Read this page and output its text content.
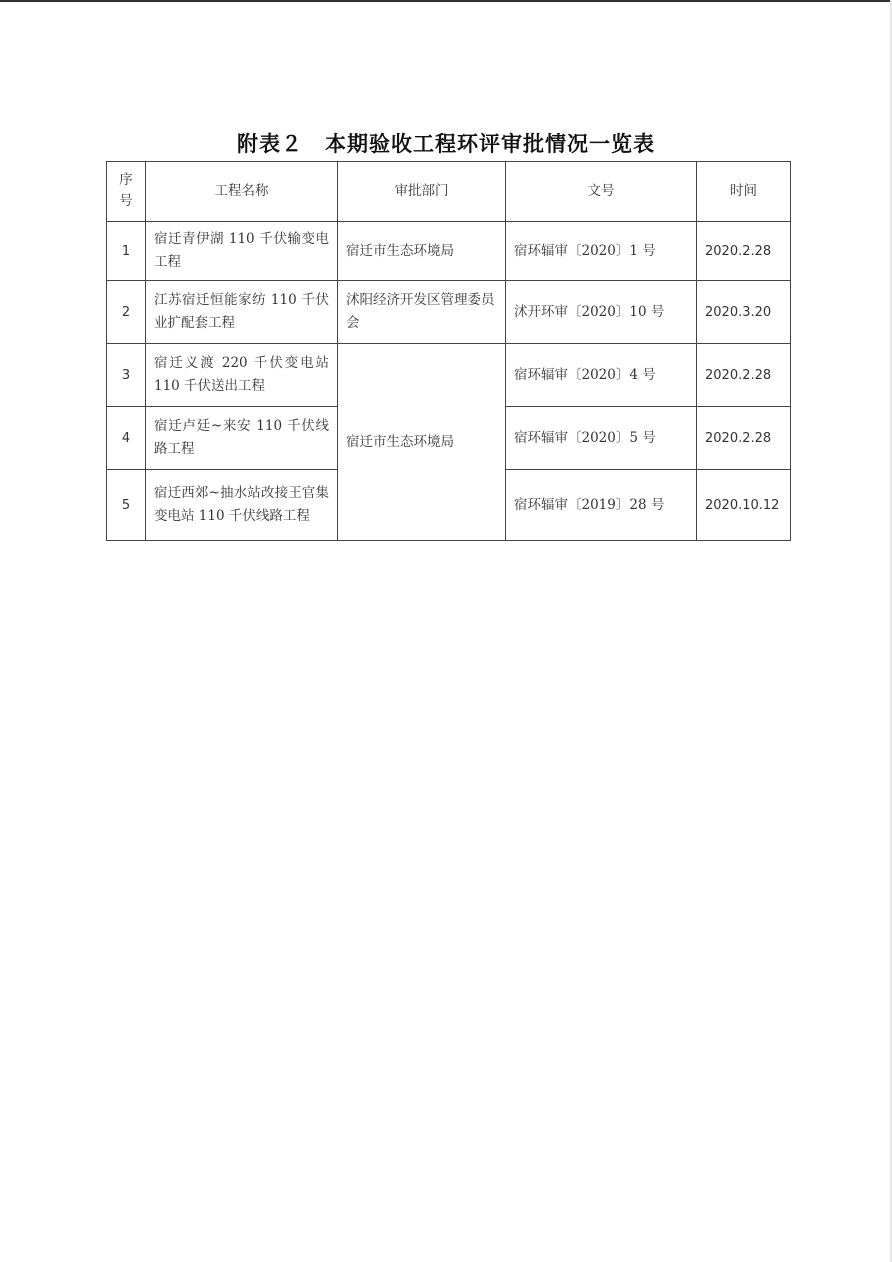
附表２　本期验收工程环评审批情况一览表
序号	工程名称	审批部门	文号	时间
1	宿迁青伊湖 110 千伏输变电工程	宿迁市生态环境局	宿环辐审〔2020〕1 号	2020.2.28
2	江苏宿迁恒能家纺 110 千伏业扩配套工程	沭阳经济开发区管理委员会	沭开环审〔2020〕10 号	2020.3.20
3	宿迁义渡 220 千伏变电站 110 千伏送出工程	宿迁市生态环境局	宿环辐审〔2020〕4 号	2020.2.28
4	宿迁卢廷~来安 110 千伏线路工程		宿环辐审〔2020〕5 号	2020.2.28
5	宿迁西郊~抽水站改接王官集变电站 110 千伏线路工程		宿环辐审〔2019〕28 号	2020.10.12
